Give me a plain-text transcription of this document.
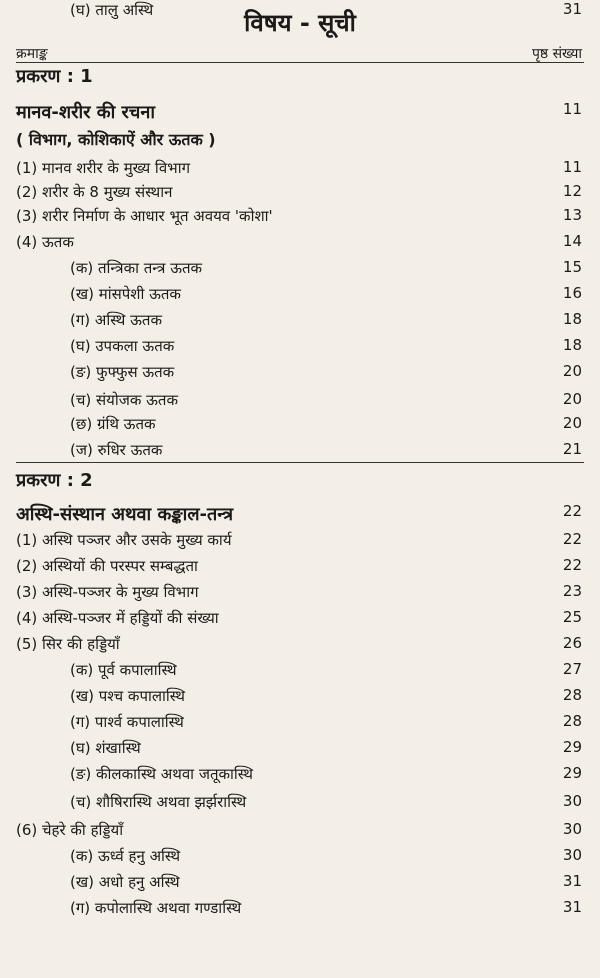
विषय - सूची
क्रमाङ्क	पृष्ठ संख्या
प्रकरण : 1
मानव-शरीर की रचना	11
( विभाग, कोशिकाऐं और ऊतक )
(1) मानव शरीर के मुख्य विभाग	11
(2) शरीर के 8 मुख्य संस्थान	12
(3) शरीर निर्माण के आधार भूत अवयव 'कोशा'	13
(4) ऊतक	14
(क) तन्त्रिका तन्त्र ऊतक	15
(ख) मांसपेशी ऊतक	16
(ग) अस्थि ऊतक	18
(घ) उपकला ऊतक	18
(ङ) फुफ्फुस ऊतक	20
(च) संयोजक ऊतक	20
(छ) ग्रंथि ऊतक	20
(ज) रुधिर ऊतक	21
प्रकरण : 2
अस्थि-संस्थान अथवा कङ्काल-तन्त्र	22
(1) अस्थि पञ्जर और उसके मुख्य कार्य	22
(2) अस्थियों की परस्पर सम्बद्धता	22
(3) अस्थि-पञ्जर के मुख्य विभाग	23
(4) अस्थि-पञ्जर में हड्डियों की संख्या	25
(5) सिर की हड्डियाँ	26
(क) पूर्व कपालास्थि	27
(ख) पश्च कपालास्थि	28
(ग) पार्श्व कपालास्थि	28
(घ) शंखास्थि	29
(ङ) कीलकास्थि अथवा जतूकास्थि	29
(च) शौषिरास्थि अथवा झर्झरास्थि	30
(6) चेहरे की हड्डियाँ	30
(क) ऊर्ध्व हनु अस्थि	30
(ख) अधो हनु अस्थि	31
(ग) कपोलास्थि अथवा गण्डास्थि	31
(घ) तालु अस्थि	31
